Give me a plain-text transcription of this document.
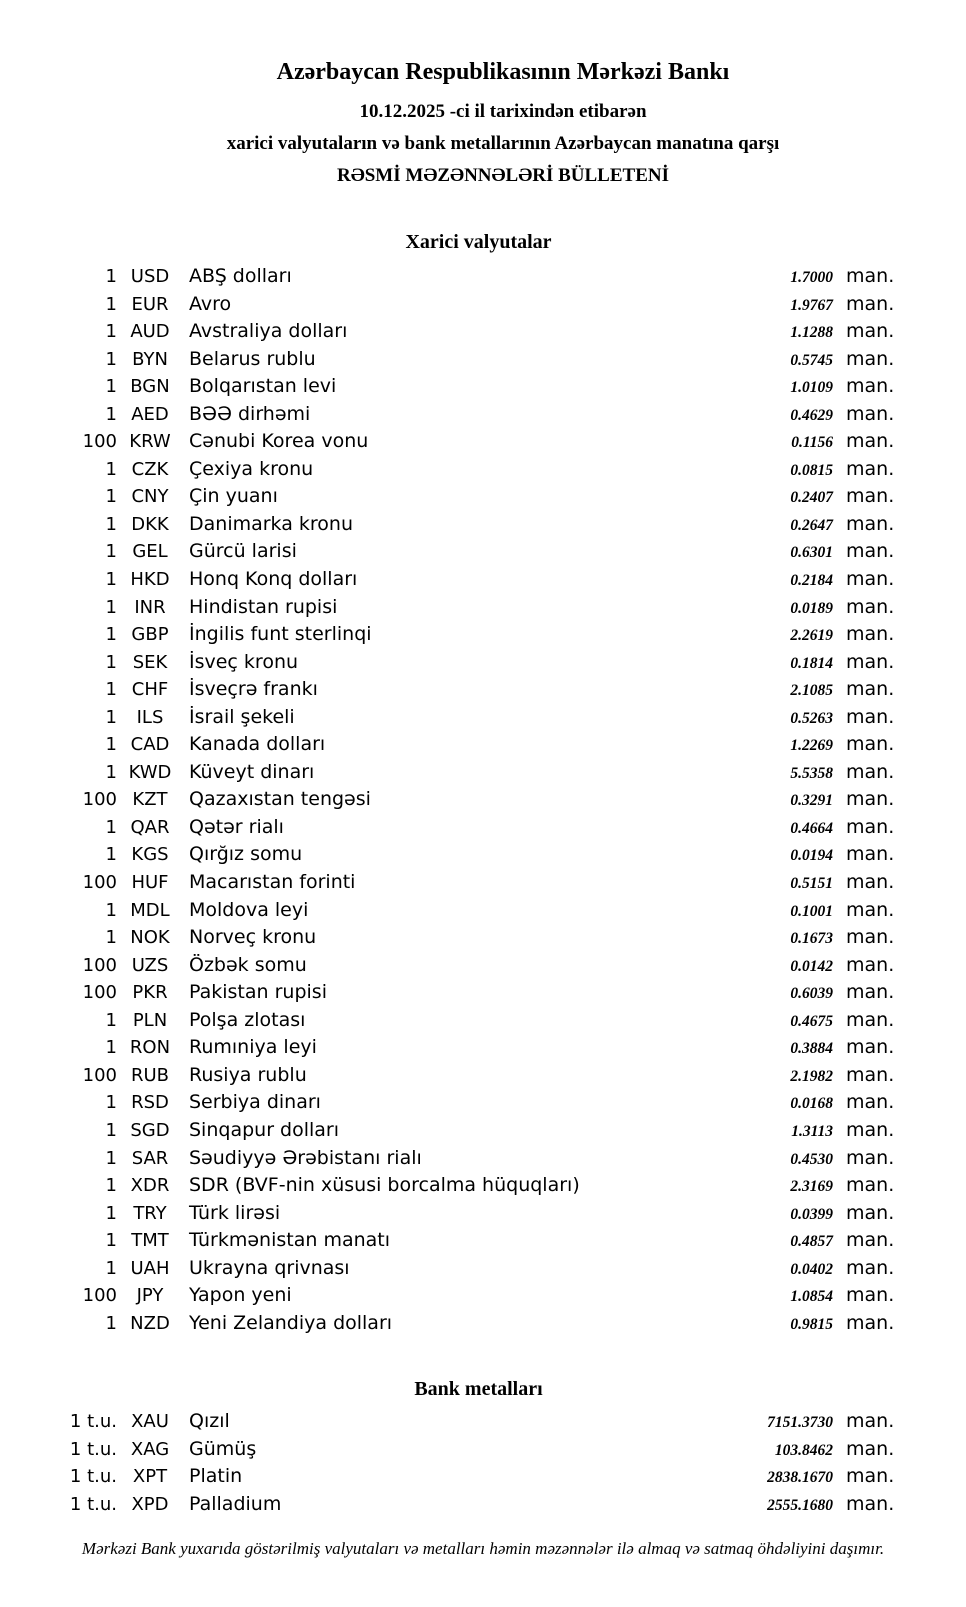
Azərbaycan Respublikasının Mərkəzi Bankı
10.12.2025 -ci il tarixindən etibarən
xarici valyutaların və bank metallarının Azərbaycan manatına qarşı
RƏSMİ MƏZƏNNƏLƏRİ BÜLLETENİ
Xarici valyutalar
1 USD	ABŞ dolları	1.7000 man.
1 EUR	Avro	1.9767 man.
1 AUD	Avstraliya dolları	1.1288 man.
1 BYN	Belarus rublu	0.5745 man.
1 BGN	Bolqarıstan levi	1.0109 man.
1 AED	BƏƏ dirhəmi	0.4629 man.
100 KRW Cənubi Korea vonu	0.1156 man.
1 CZK	Çexiya kronu	0.0815 man.
1 CNY	Çin yuanı	0.2407 man.
1 DKK	Danimarka kronu	0.2647 man.
1 GEL	Gürcü larisi	0.6301 man.
1 HKD	Honq Konq dolları	0.2184 man.
1 INR	Hindistan rupisi	0.0189 man.
1 GBP	İngilis funt sterlinqi	2.2619 man.
1 SEK	İsveç kronu	0.1814 man.
1 CHF	İsveçrə frankı	2.1085 man.
1	ILS	İsrail şekeli	0.5263 man.
1 CAD	Kanada dolları	1.2269 man.
1 KWD Küveyt dinarı	5.5358 man.
100 KZT	Qazaxıstan tengəsi	0.3291 man.
1 QAR	Qətər rialı	0.4664 man.
1 KGS	Qırğız somu	0.0194 man.
100 HUF	Macarıstan forinti	0.5151 man.
1 MDL	Moldova leyi	0.1001 man.
1 NOK	Norveç kronu	0.1673 man.
100 UZS	Özbək somu	0.0142 man.
100 PKR	Pakistan rupisi	0.6039 man.
1 PLN	Polşa zlotası	0.4675 man.
1 RON Rumıniya leyi	0.3884 man.
100 RUB	Rusiya rublu	2.1982 man.
1 RSD	Serbiya dinarı	0.0168 man.
1 SGD	Sinqapur dolları	1.3113 man.
1 SAR	Səudiyyə Ərəbistanı rialı	0.4530 man.
1 XDR	SDR (BVF-nin xüsusi borcalma hüquqları)	2.3169 man.
1 TRY	Türk lirəsi	0.0399 man.
1 TMT	Türkmənistan manatı	0.4857 man.
1 UAH	Ukrayna qrivnası	0.0402 man.
100	JPY	Yapon yeni	1.0854 man.
1 NZD	Yeni Zelandiya dolları	0.9815 man.
Bank metalları
1 t.u. XAU	Qızıl	7151.3730 man.
1 t.u. XAG	Gümüş	103.8462 man.
1 t.u. XPT	Platin	2838.1670 man.
1 t.u. XPD	Palladium	2555.1680 man.
Mərkəzi Bank yuxarıda göstərilmiş valyutaları və metalları həmin məzənnələr ilə almaq və satmaq öhdəliyini daşımır.
